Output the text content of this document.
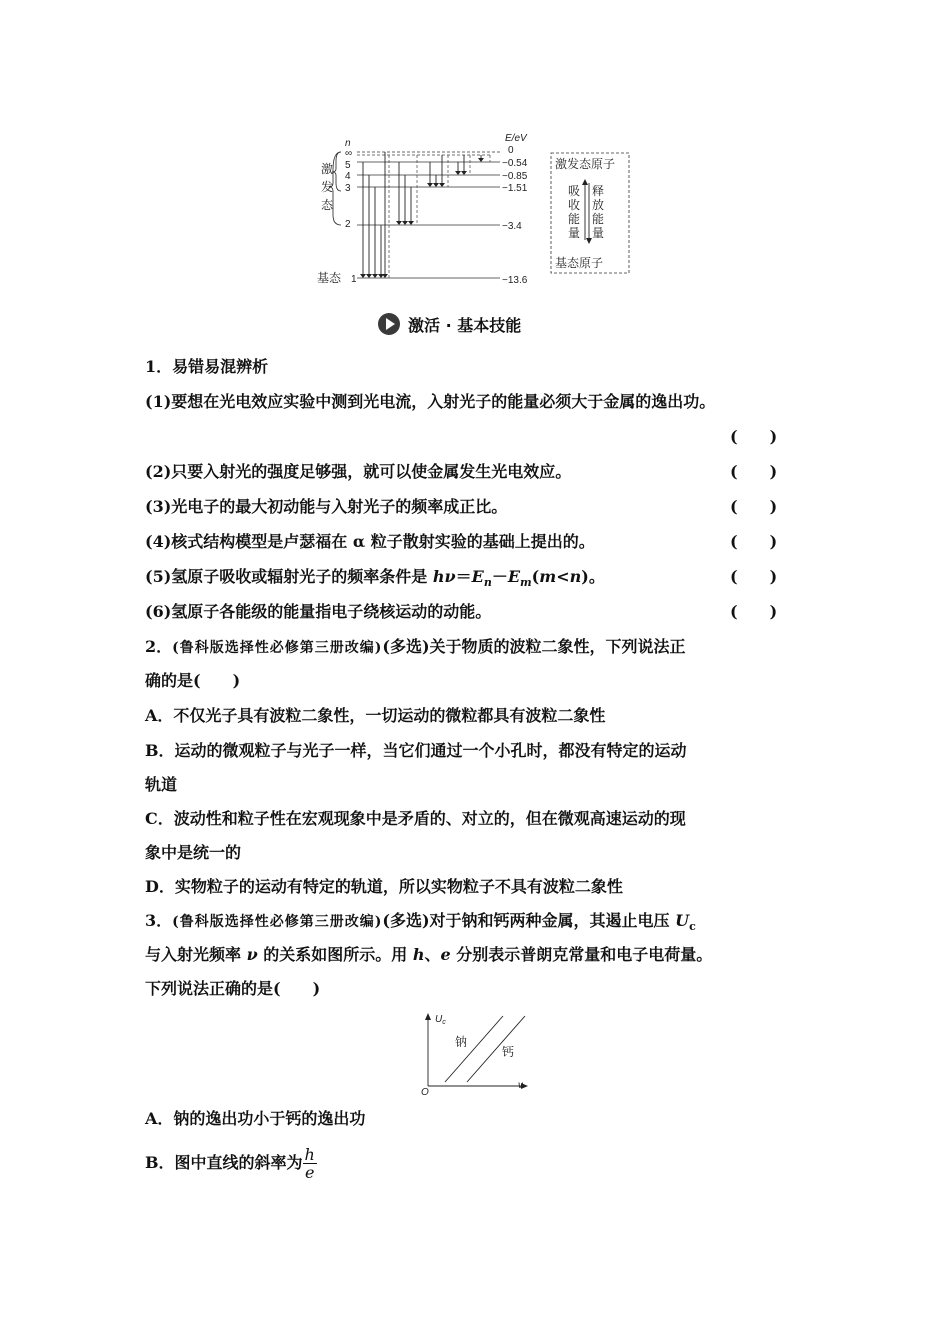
n	E/eV
∞
5
4
3
2
1
0
−0.54
−0.85
−1.51
−3.4
−13.6
激
发
态
基态
激发态原子
基态原子
吸
收
能
量
释
放
能
量
激活 · 基本技能
1．易错易混辨析
(1)要想在光电效应实验中测到光电流，入射光子的能量必须大于金属的逸出功。
(　　)
(2)只要入射光的强度足够强，就可以使金属发生光电效应。	(　　)
(3)光电子的最大初动能与入射光子的频率成正比。	(　　)
(4)核式结构模型是卢瑟福在 α 粒子散射实验的基础上提出的。	(　　)
(5)氢原子吸收或辐射光子的频率条件是 $h\nu=E_n-E_m(m<n)$。	(　　)
(6)氢原子各能级的能量指电子绕核运动的动能。	(　　)
2．(鲁科版选择性必修第三册改编)(多选)关于物质的波粒二象性，下列说法正
确的是(　　)
A．不仅光子具有波粒二象性，一切运动的微粒都具有波粒二象性
B．运动的微观粒子与光子一样，当它们通过一个小孔时，都没有特定的运动
轨道
C．波动性和粒子性在宏观现象中是矛盾的、对立的，但在微观高速运动的现
象中是统一的
D．实物粒子的运动有特定的轨道，所以实物粒子不具有波粒二象性
3．(鲁科版选择性必修第三册改编)(多选)对于钠和钙两种金属，其遏止电压 $U_c$
与入射光频率 ν 的关系如图所示。用 h、e 分别表示普朗克常量和电子电荷量。
下列说法正确的是(　　)
$U_c$
ν
O
钠
钙
A．钠的逸出功小于钙的逸出功
B．图中直线的斜率为 $\frac{h}{e}$
